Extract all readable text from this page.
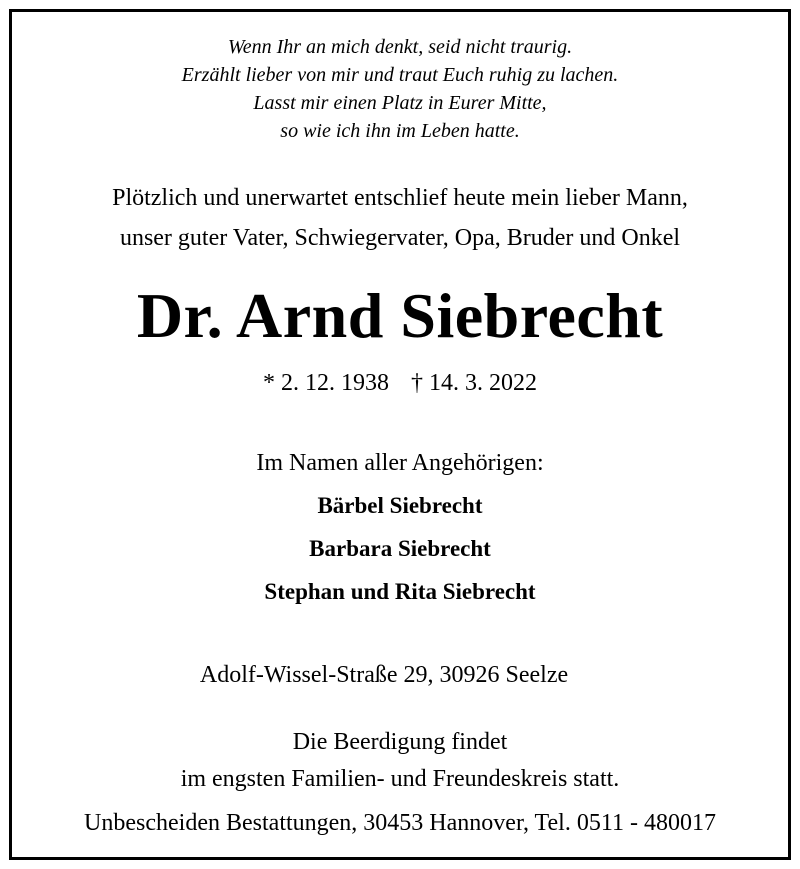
Wenn Ihr an mich denkt, seid nicht traurig.
Erzählt lieber von mir und traut Euch ruhig zu lachen.
Lasst mir einen Platz in Eurer Mitte,
so wie ich ihn im Leben hatte.
Plötzlich und unerwartet entschlief heute mein lieber Mann,
unser guter Vater, Schwiegervater, Opa, Bruder und Onkel
Dr. Arnd Siebrecht
* 2. 12. 1938 † 14. 3. 2022
Im Namen aller Angehörigen:
Bärbel Siebrecht
Barbara Siebrecht
Stephan und Rita Siebrecht
Adolf-Wissel-Straße 29, 30926 Seelze
Die Beerdigung findet
im engsten Familien- und Freundeskreis statt.
Unbescheiden Bestattungen, 30453 Hannover, Tel. 0511 - 480017
